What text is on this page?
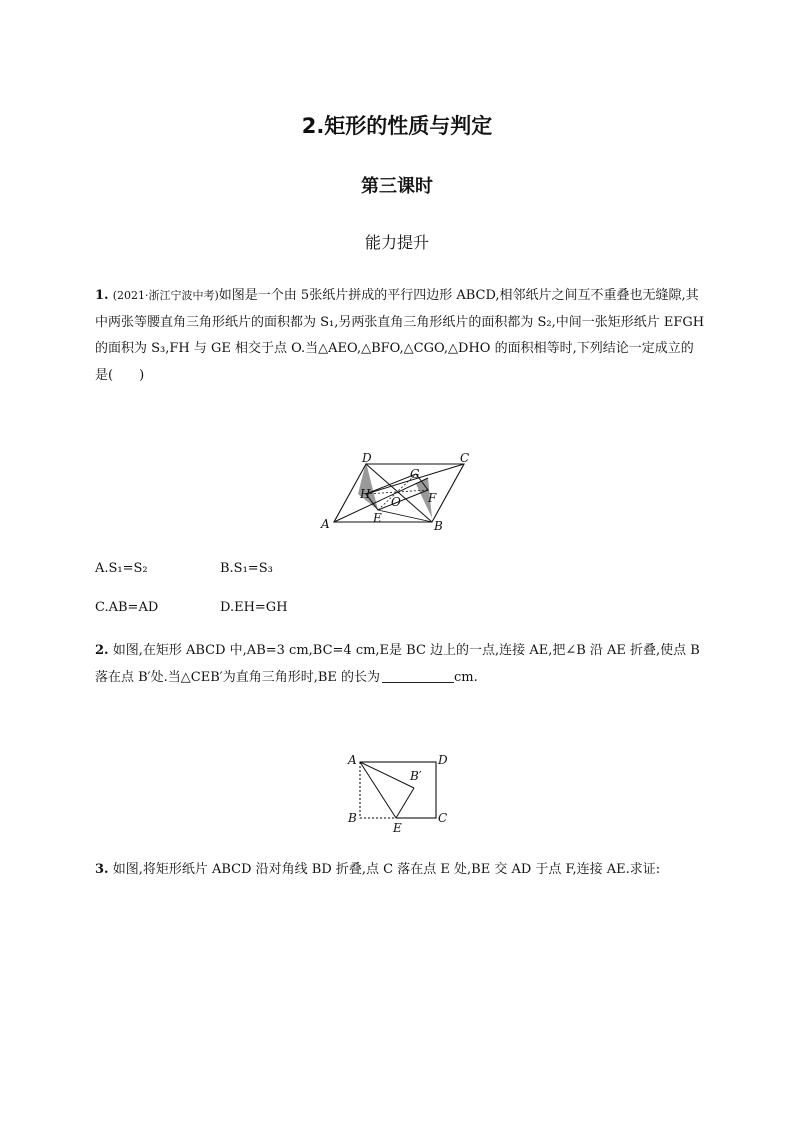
2.矩形的性质与判定
第三课时
能力提升
1. (2021·浙江宁波中考)如图是一个由 5张纸片拼成的平行四边形 ABCD,相邻纸片之间互不重叠也无缝隙,其中两张等腰直角三角形纸片的面积都为 S₁,另两张直角三角形纸片的面积都为 S₂,中间一张矩形纸片 EFGH 的面积为 S₃,FH 与 GE 相交于点 O.当△AEO,△BFO,△CGO,△DHO 的面积相等时,下列结论一定成立的是(　　)
A	B
C
D
E
F
G
H
O
A.S₁=S₂	B.S₁=S₃
C.AB=AD	D.EH=GH
2. 如图,在矩形 ABCD 中,AB=3 cm,BC=4 cm,E是 BC 边上的一点,连接 AE,把∠B 沿 AE 折叠,使点 B 落在点 B′处.当△CEB′为直角三角形时,BE 的长为	cm.
A
B	C
D
E
B′
3. 如图,将矩形纸片 ABCD 沿对角线 BD 折叠,点 C 落在点 E 处,BE 交 AD 于点 F,连接 AE.求证:
